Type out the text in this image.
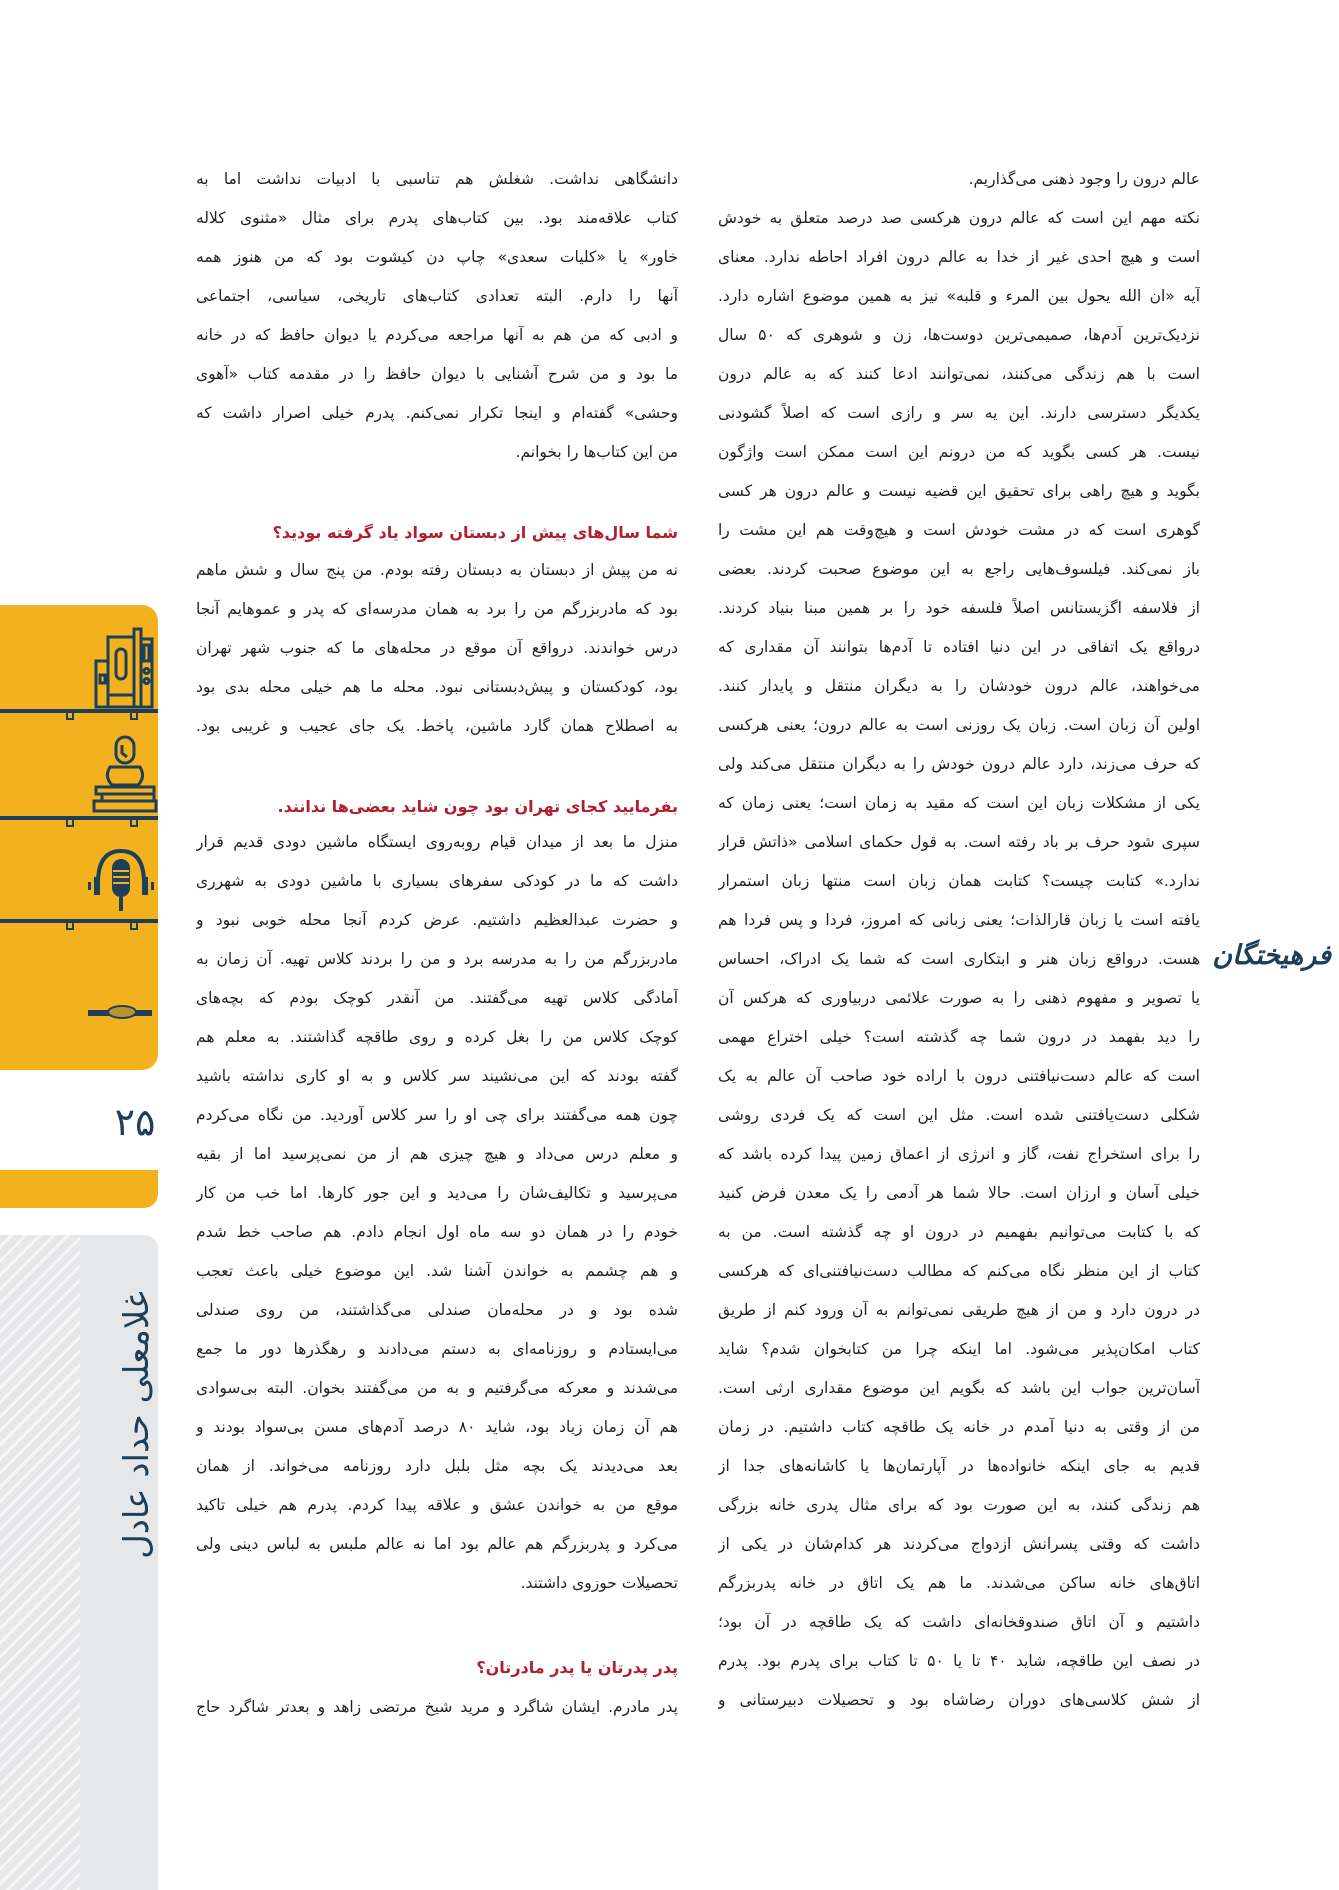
فرهیختگان
۲۵
غلامعلی حداد عادل
عالم درون را وجود ذهنی می‌گذاریم.
نکته مهم این است که عالم درون هرکسی صد درصد متعلق به خودش
است و هیچ احدی غیر از خدا به عالم درون افراد احاطه ندارد. معنای
آیه «ان الله یحول بین المرء و قلبه» نیز به همین موضوع اشاره دارد.
نزدیک‌ترین آدم‌ها، صمیمی‌ترین دوست‌ها، زن و شوهری که ۵۰ سال
است با هم زندگی می‌کنند، نمی‌توانند ادعا کنند که به عالم درون
یکدیگر دسترسی دارند. این یه سر و رازی است که اصلاً گشودنی
نیست. هر کسی بگوید که من درونم این است ممکن است واژگون
بگوید و هیچ راهی برای تحقیق این قضیه نیست و عالم درون هر کسی
گوهری است که در مشت خودش است و هیچ‌وقت هم این مشت را
باز نمی‌کند. فیلسوف‌هایی راجع به این موضوع صحبت کردند. بعضی
از فلاسفه اگزیستانس اصلاً فلسفه خود را بر همین مبنا بنیاد کردند.
درواقع یک اتفاقی در این دنیا افتاده تا آدم‌ها بتوانند آن مقداری که
می‌خواهند، عالم درون خودشان را به دیگران منتقل و پایدار کنند.
اولین آن زبان است. زبان یک روزنی است به عالم درون؛ یعنی هرکسی
که حرف می‌زند، دارد عالم درون خودش را به دیگران منتقل می‌کند ولی
یکی از مشکلات زبان این است که مقید به زمان است؛ یعنی زمان که
سپری شود حرف بر باد رفته است. به قول حکمای اسلامی «ذاتش قرار
ندارد.» کتابت چیست؟ کتابت همان زبان است منتها زبان استمرار
یافته است یا زبان قارالذات؛ یعنی زبانی که امروز، فردا و پس فردا هم
هست. درواقع زبان هنر و ابتکاری است که شما یک ادراک، احساس
یا تصویر و مفهوم ذهنی را به صورت علائمی دربیاوری که هرکس آن
را دید بفهمد در درون شما چه گذشته است؟ خیلی اختراع مهمی
است که عالم دست‌نیافتنی درون با اراده خود صاحب آن عالم به یک
شکلی دست‌یافتنی شده است. مثل این است که یک فردی روشی
را برای استخراج نفت، گاز و انرژی از اعماق زمین پیدا کرده باشد که
خیلی آسان و ارزان است. حالا شما هر آدمی را یک معدن فرض کنید
که با کتابت می‌توانیم بفهمیم در درون او چه گذشته است. من به
کتاب از این منظر نگاه می‌کنم که مطالب دست‌نیافتنی‌ای که هرکسی
در درون دارد و من از هیچ طریقی نمی‌توانم به آن ورود کنم از طریق
کتاب امکان‌پذیر می‌شود. اما اینکه چرا من کتابخوان شدم؟ شاید
آسان‌ترین جواب این باشد که بگویم این موضوع مقداری ارثی است.
من از وقتی به دنیا آمدم در خانه یک طاقچه کتاب داشتیم. در زمان
قدیم به جای اینکه خانواده‌ها در آپارتمان‌ها یا کاشانه‌های جدا از
هم زندگی کنند، به این صورت بود که برای مثال پدری خانه بزرگی
داشت که وقتی پسرانش ازدواج می‌کردند هر کدام‌شان در یکی از
اتاق‌های خانه ساکن می‌شدند. ما هم یک اتاق در خانه پدربزرگم
داشتیم و آن اتاق صندوقخانه‌ای داشت که یک طاقچه در آن بود؛
در نصف این طاقچه، شاید ۴۰ تا یا ۵۰ تا کتاب برای پدرم بود. پدرم
از شش کلاسی‌های دوران رضاشاه بود و تحصیلات دبیرستانی و
دانشگاهی نداشت. شغلش هم تناسبی با ادبیات نداشت اما به
کتاب علاقه‌مند بود. بین کتاب‌های پدرم برای مثال «مثنوی کلاله
خاور» یا «کلیات سعدی» چاپ دن کیشوت بود که من هنوز همه
آنها را دارم. البته تعدادی کتاب‌های تاریخی، سیاسی، اجتماعی
و ادبی که من هم به آنها مراجعه می‌کردم یا دیوان حافظ که در خانه
ما بود و من شرح آشنایی با دیوان حافظ را در مقدمه کتاب «آهوی
وحشی» گفته‌ام و اینجا تکرار نمی‌کنم. پدرم خیلی اصرار داشت که
من این کتاب‌ها را بخوانم.
شما سال‌های پیش از دبستان سواد یاد گرفته بودید؟
نه من پیش از دبستان به دبستان رفته بودم. من پنج سال و شش ماهم
بود که مادربزرگم من را برد به همان مدرسه‌ای که پدر و عموهایم آنجا
درس خواندند. درواقع آن موقع در محله‌های ما که جنوب شهر تهران
بود، کودکستان و پیش‌دبستانی نبود. محله ما هم خیلی محله بدی بود
به اصطلاح همان گارد ماشین، پاخط. یک جای عجیب و غریبی بود.
بفرمایید کجای تهران بود چون شاید بعضی‌ها ندانند.
منزل ما بعد از میدان قیام روبه‌روی ایستگاه ماشین دودی قدیم قرار
داشت که ما در کودکی سفرهای بسیاری با ماشین دودی به شهرری
و حضرت عبدالعظیم داشتیم. عرض کردم آنجا محله خوبی نبود و
مادربزرگم من را به مدرسه برد و من را بردند کلاس تهیه. آن زمان به
آمادگی کلاس تهیه می‌گفتند. من آنقدر کوچک بودم که بچه‌های
کوچک کلاس من را بغل کرده و روی طاقچه گذاشتند. به معلم هم
گفته بودند که این می‌نشیند سر کلاس و به او کاری نداشته باشید
چون همه می‌گفتند برای چی او را سر کلاس آوردید. من نگاه می‌کردم
و معلم درس می‌داد و هیچ چیزی هم از من نمی‌پرسید اما از بقیه
می‌پرسید و تکالیف‌شان را می‌دید و این جور کارها. اما خب من کار
خودم را در همان دو سه ماه اول انجام دادم. هم صاحب خط شدم
و هم چشمم به خواندن آشنا شد. این موضوع خیلی باعث تعجب
شده بود و در محله‌مان صندلی می‌گذاشتند، من روی صندلی
می‌ایستادم و روزنامه‌ای به دستم می‌دادند و رهگذرها دور ما جمع
می‌شدند و معرکه می‌گرفتیم و به من می‌گفتند بخوان. البته بی‌سوادی
هم آن زمان زیاد بود، شاید ۸۰ درصد آدم‌های مسن بی‌سواد بودند و
بعد می‌دیدند یک بچه مثل بلبل دارد روزنامه می‌خواند. از همان
موقع من به خواندن عشق و علاقه پیدا کردم. پدرم هم خیلی تاکید
می‌کرد و پدربزرگم هم عالم بود اما نه عالم ملبس به لباس دینی ولی
تحصیلات حوزوی داشتند.
پدر پدرتان یا پدر مادرتان؟
پدر مادرم. ایشان شاگرد و مرید شیخ مرتضی زاهد و بعدتر شاگرد حاج
